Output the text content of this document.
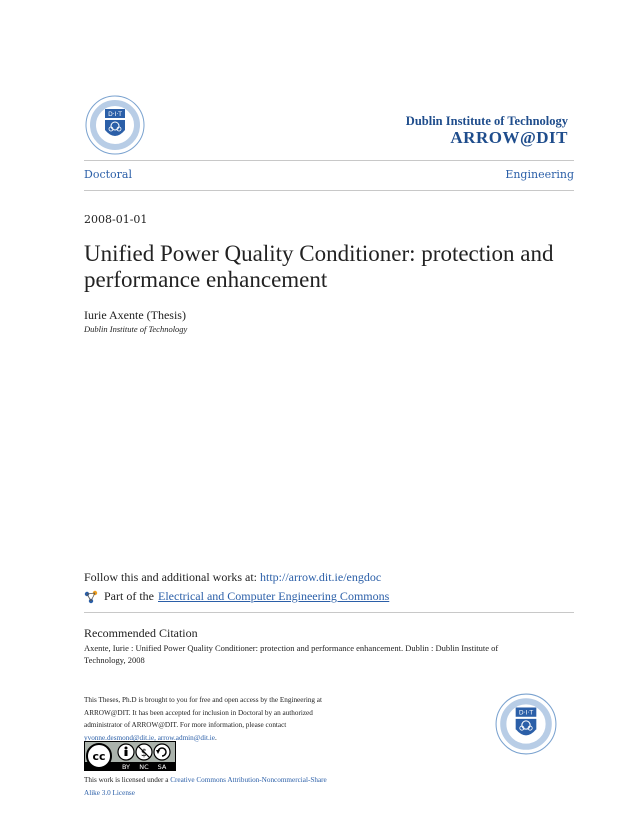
D·I·T	Dublin Institute of Technology
ARROW@DIT
Doctoral	Engineering
2008-01-01
Unified Power Quality Conditioner: protection and performance enhancement
Iurie Axente (Thesis)
Dublin Institute of Technology
Follow this and additional works at: http://arrow.dit.ie/engdoc
Part of the Electrical and Computer Engineering Commons
Recommended Citation
Axente, Iurie : Unified Power Quality Conditioner: protection and performance enhancement. Dublin : Dublin Institute of Technology, 2008
This Theses, Ph.D is brought to you for free and open access by the Engineering at ARROW@DIT. It has been accepted for inclusion in Doctoral by an authorized administrator of ARROW@DIT. For more information, please contact yvonne.desmond@dit.ie, arrow.admin@dit.ie.
cc	$
BY NC SA
This work is licensed under a Creative Commons Attribution-Noncommercial-Share Alike 3.0 License
D·I·T
